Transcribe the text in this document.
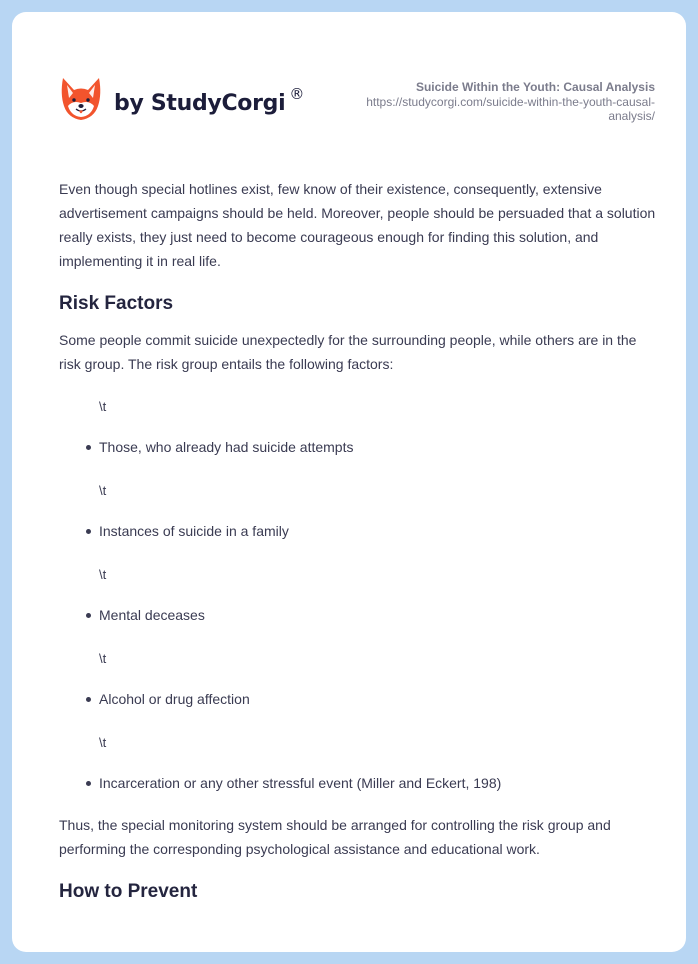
by StudyCorgi ®	Suicide Within the Youth: Causal Analysis
https://studycorgi.com/suicide-within-the-youth-causal-
analysis/

Even though special hotlines exist, few know of their existence, consequently, extensive advertisement campaigns should be held. Moreover, people should be persuaded that a solution really exists, they just need to become courageous enough for finding this solution, and implementing it in real life.

Risk Factors

Some people commit suicide unexpectedly for the surrounding people, while others are in the risk group. The risk group entails the following factors:

\t
Those, who already had suicide attempts
\t
Instances of suicide in a family
\t
Mental deceases
\t
Alcohol or drug affection
\t
Incarceration or any other stressful event (Miller and Eckert, 198)

Thus, the special monitoring system should be arranged for controlling the risk group and performing the corresponding psychological assistance and educational work.

How to Prevent
